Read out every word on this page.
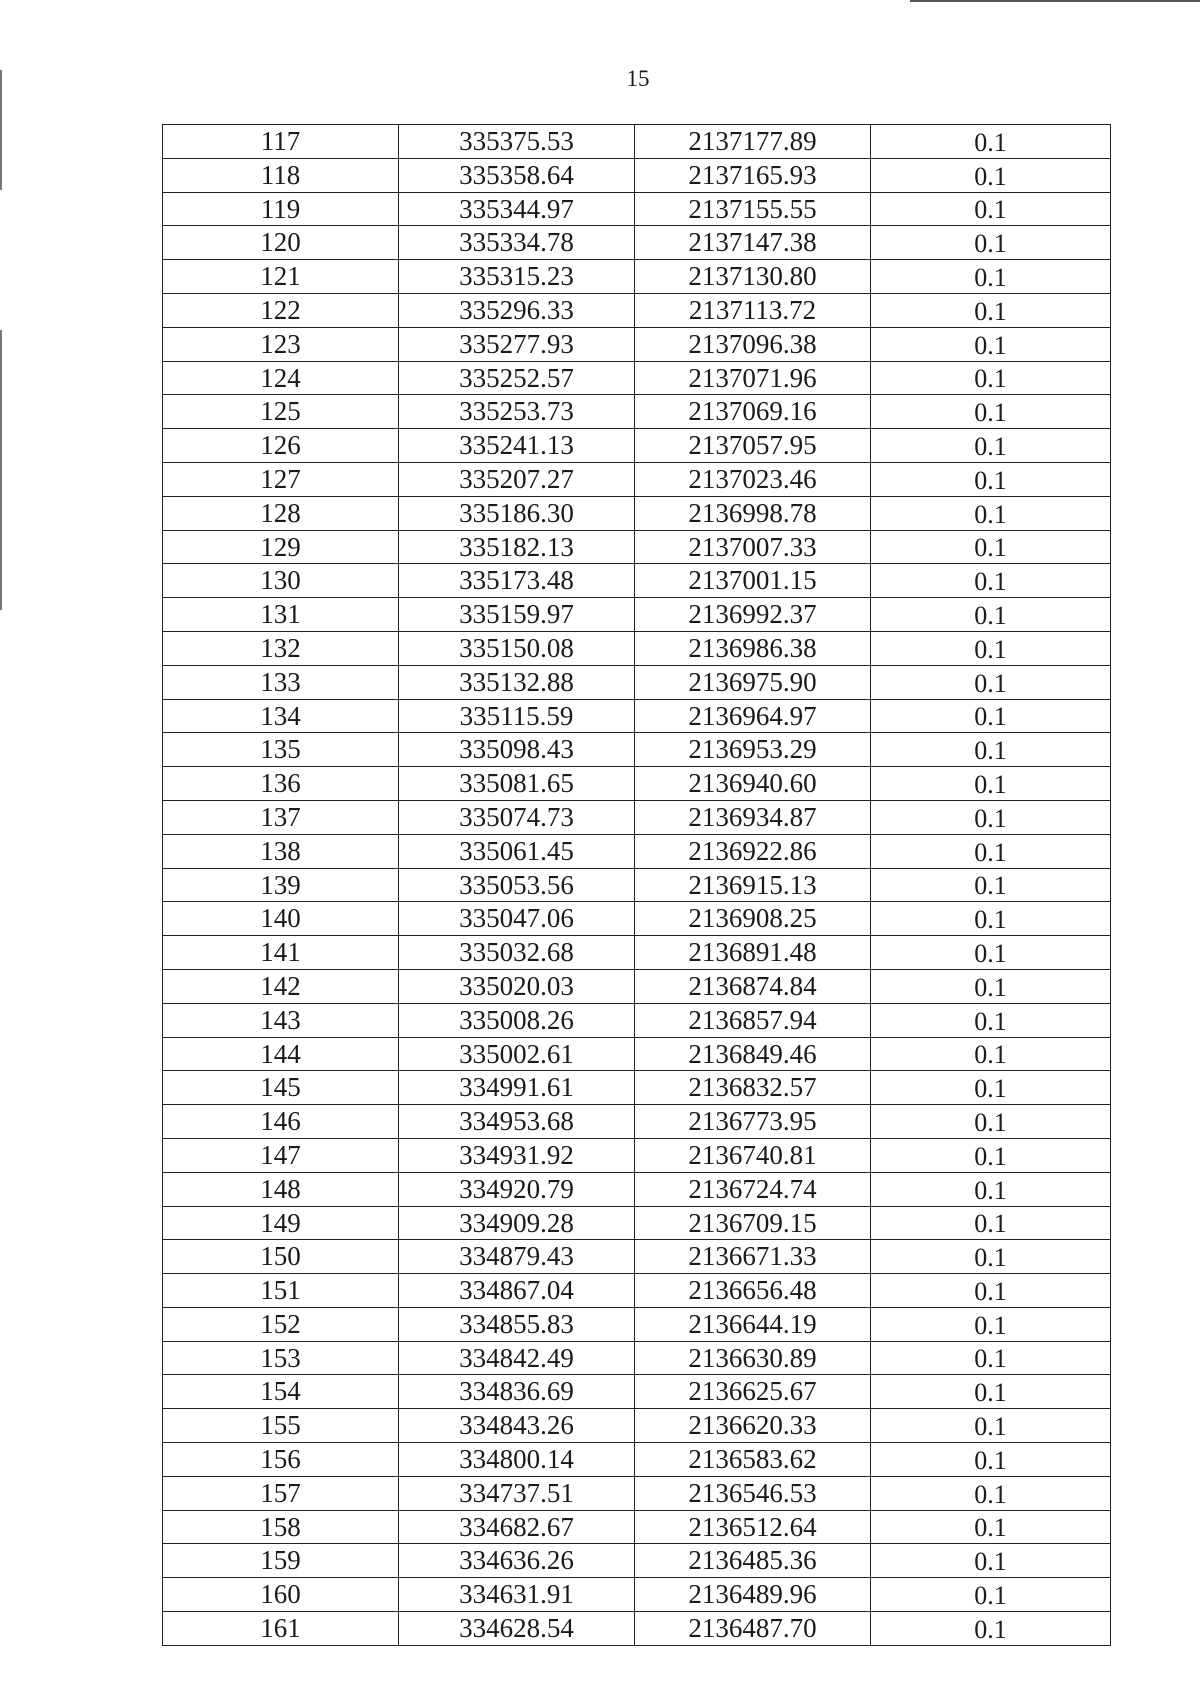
15
117	335375.53	2137177.89	0.1
118	335358.64	2137165.93	0.1
119	335344.97	2137155.55	0.1
120	335334.78	2137147.38	0.1
121	335315.23	2137130.80	0.1
122	335296.33	2137113.72	0.1
123	335277.93	2137096.38	0.1
124	335252.57	2137071.96	0.1
125	335253.73	2137069.16	0.1
126	335241.13	2137057.95	0.1
127	335207.27	2137023.46	0.1
128	335186.30	2136998.78	0.1
129	335182.13	2137007.33	0.1
130	335173.48	2137001.15	0.1
131	335159.97	2136992.37	0.1
132	335150.08	2136986.38	0.1
133	335132.88	2136975.90	0.1
134	335115.59	2136964.97	0.1
135	335098.43	2136953.29	0.1
136	335081.65	2136940.60	0.1
137	335074.73	2136934.87	0.1
138	335061.45	2136922.86	0.1
139	335053.56	2136915.13	0.1
140	335047.06	2136908.25	0.1
141	335032.68	2136891.48	0.1
142	335020.03	2136874.84	0.1
143	335008.26	2136857.94	0.1
144	335002.61	2136849.46	0.1
145	334991.61	2136832.57	0.1
146	334953.68	2136773.95	0.1
147	334931.92	2136740.81	0.1
148	334920.79	2136724.74	0.1
149	334909.28	2136709.15	0.1
150	334879.43	2136671.33	0.1
151	334867.04	2136656.48	0.1
152	334855.83	2136644.19	0.1
153	334842.49	2136630.89	0.1
154	334836.69	2136625.67	0.1
155	334843.26	2136620.33	0.1
156	334800.14	2136583.62	0.1
157	334737.51	2136546.53	0.1
158	334682.67	2136512.64	0.1
159	334636.26	2136485.36	0.1
160	334631.91	2136489.96	0.1
161	334628.54	2136487.70	0.1
